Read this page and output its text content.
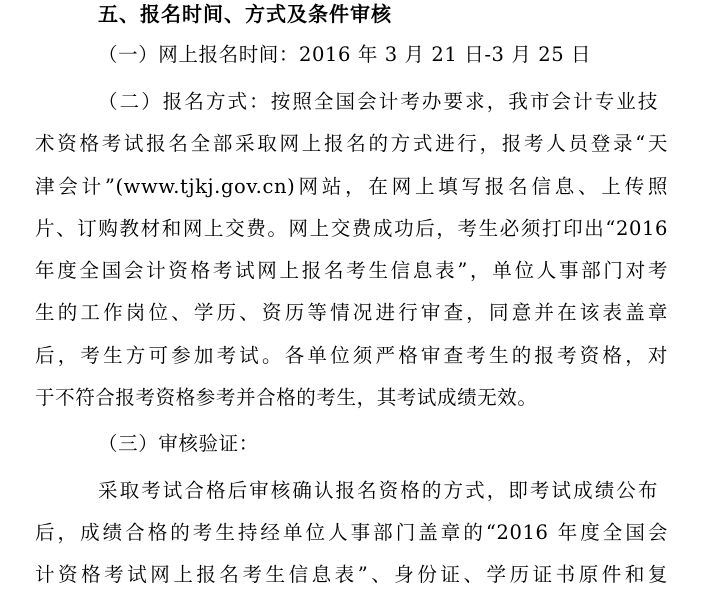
五、报名时间、方式及条件审核
（一）网上报名时间：2016 年 3 月 21 日-3 月 25 日
（二）报名方式：按照全国会计考办要求，我市会计专业技
术资格考试报名全部采取网上报名的方式进行，报考人员登录“天
津会计”(www.tjkj.gov.cn)网站，在网上填写报名信息、上传照
片、订购教材和网上交费。网上交费成功后，考生必须打印出“2016
年度全国会计资格考试网上报名考生信息表”，单位人事部门对考
生的工作岗位、学历、资历等情况进行审查，同意并在该表盖章
后，考生方可参加考试。各单位须严格审查考生的报考资格，对
于不符合报考资格参考并合格的考生，其考试成绩无效。
（三）审核验证：
采取考试合格后审核确认报名资格的方式，即考试成绩公布
后，成绩合格的考生持经单位人事部门盖章的“2016 年度全国会
计资格考试网上报名考生信息表”、身份证、学历证书原件和复
